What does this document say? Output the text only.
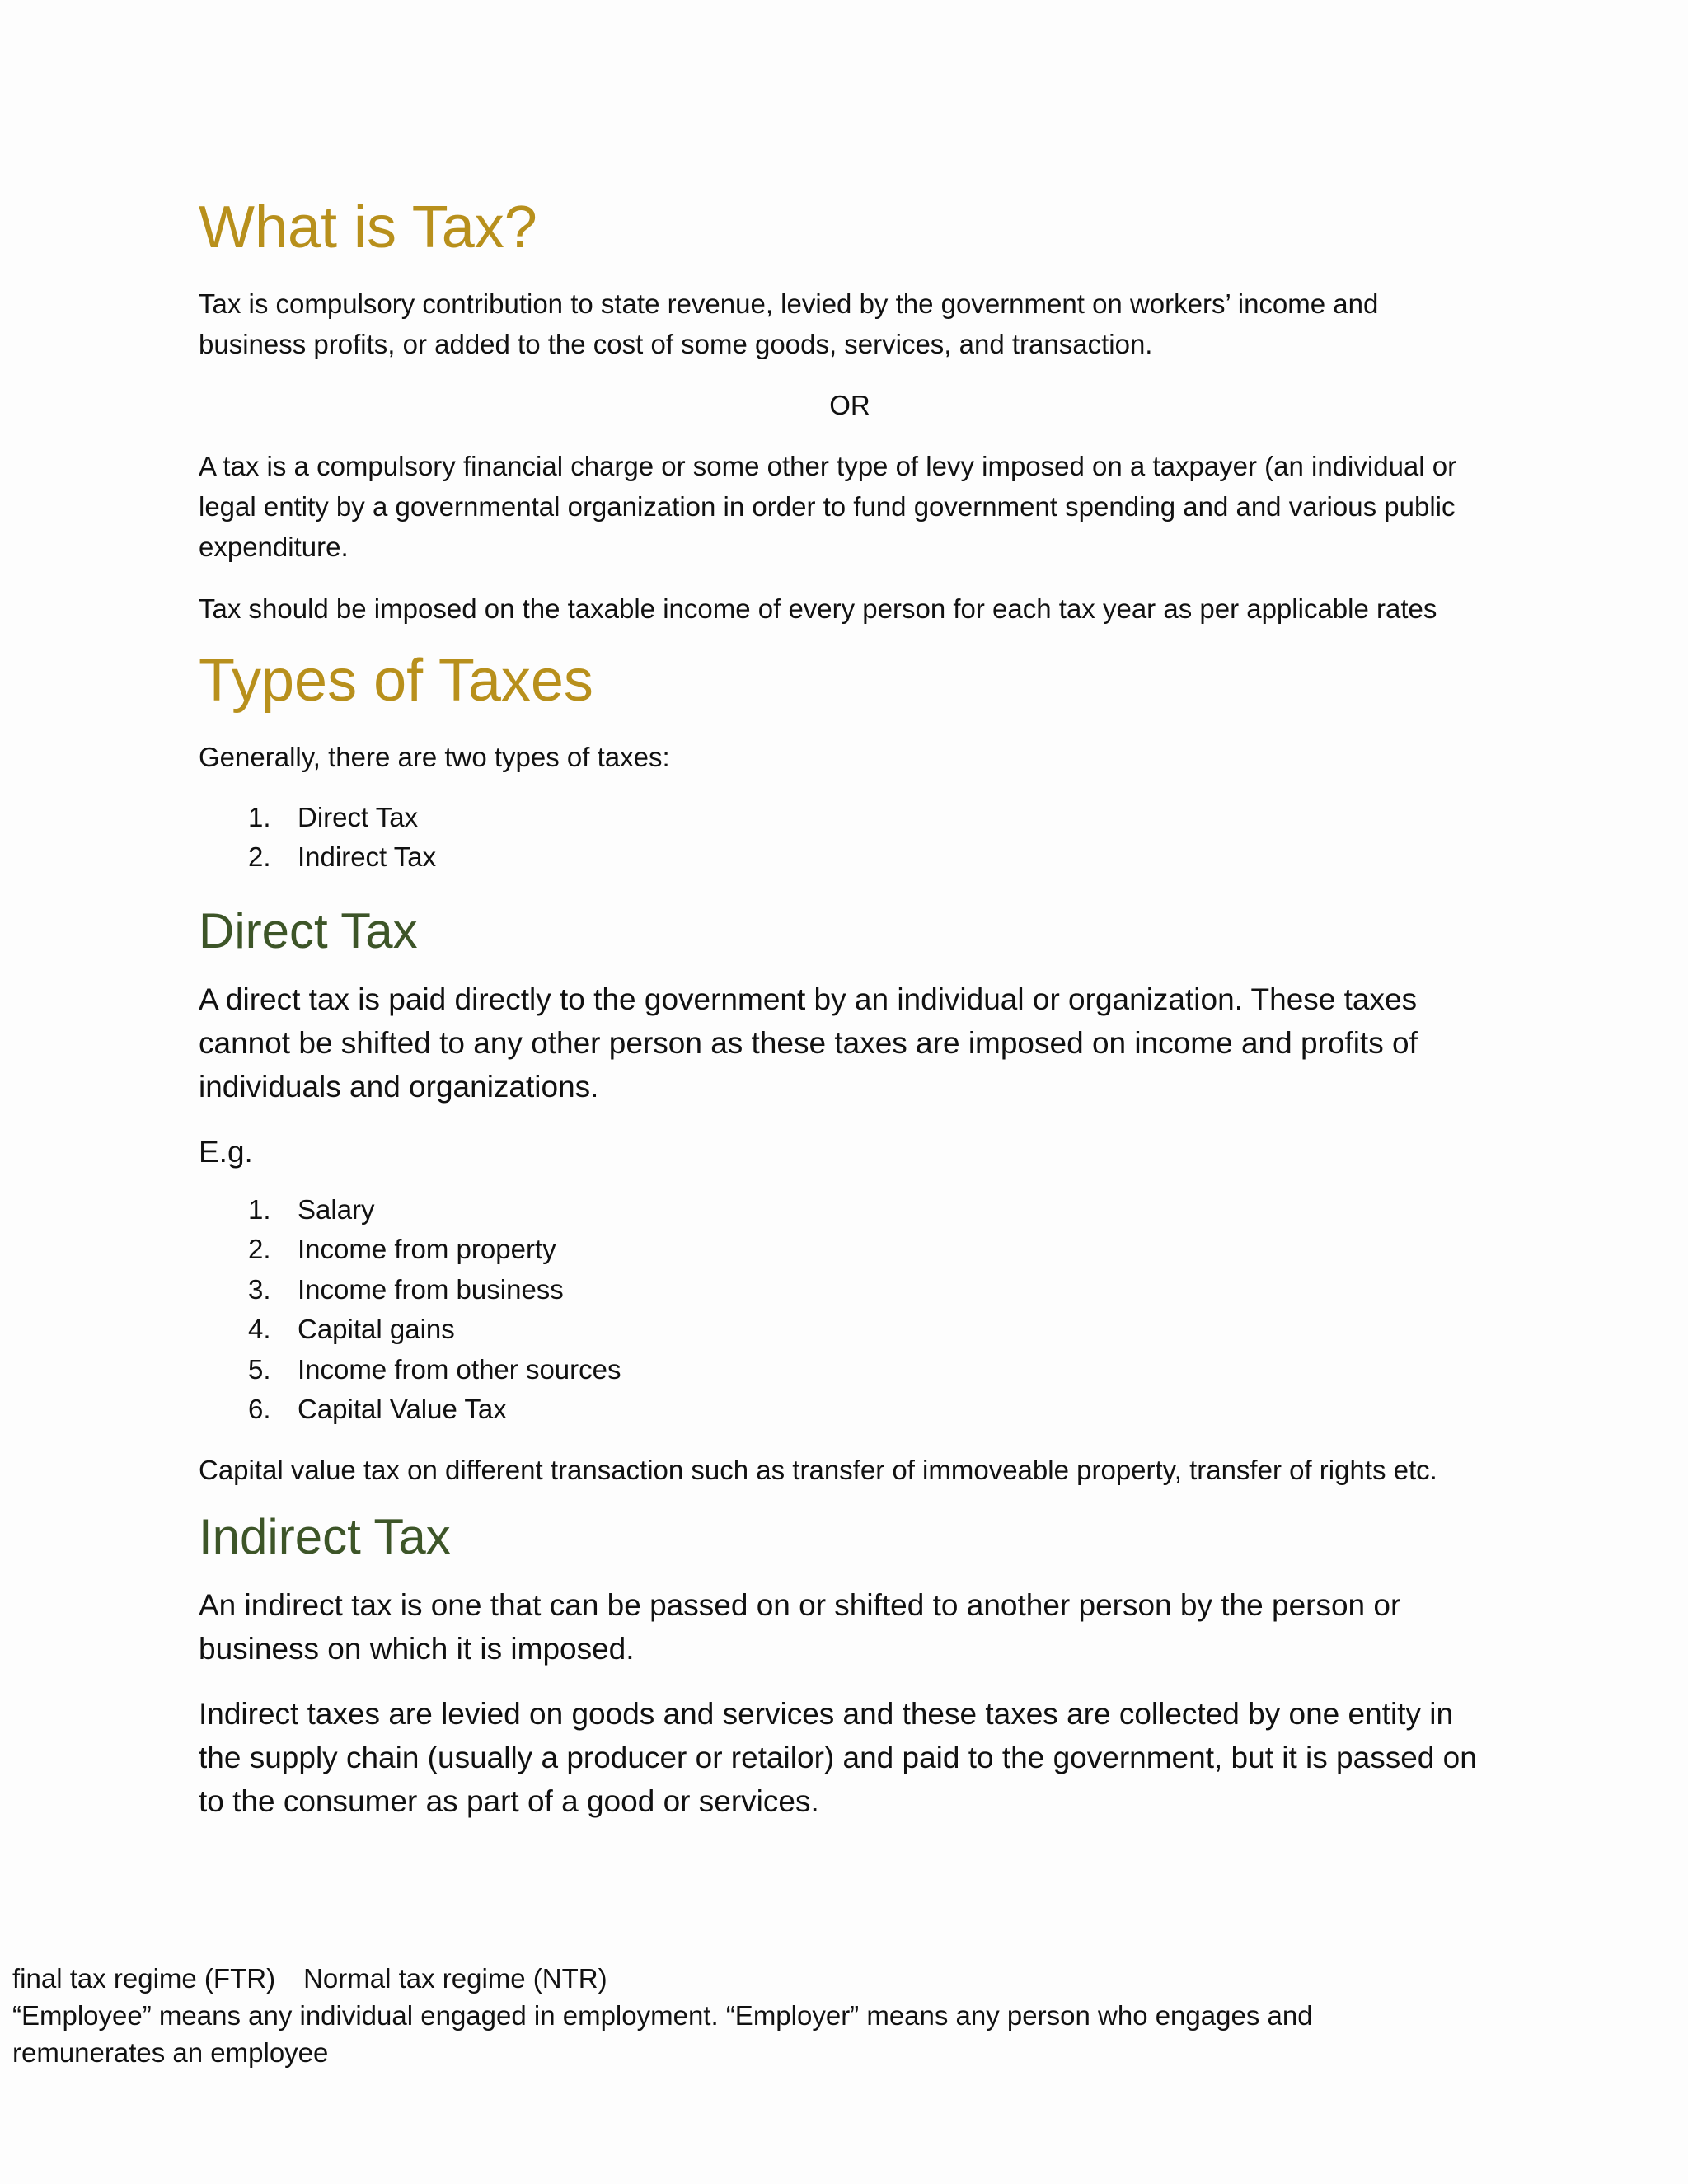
What is Tax?

Tax is compulsory contribution to state revenue, levied by the government on workers’ income and business profits, or added to the cost of some goods, services, and transaction.

OR

A tax is a compulsory financial charge or some other type of levy imposed on a taxpayer (an individual or legal entity by a governmental organization in order to fund government spending and and various public expenditure.

Tax should be imposed on the taxable income of every person for each tax year as per applicable rates

Types of Taxes

Generally, there are two types of taxes:

1. Direct Tax
2. Indirect Tax
Direct Tax

A direct tax is paid directly to the government by an individual or organization. These taxes cannot be shifted to any other person as these taxes are imposed on income and profits of individuals and organizations.

E.g.

1. Salary
2. Income from property
3. Income from business
4. Capital gains
5. Income from other sources
6. Capital Value Tax

Capital value tax on different transaction such as transfer of immoveable property, transfer of rights etc.

Indirect Tax

An indirect tax is one that can be passed on or shifted to another person by the person or business on which it is imposed.

Indirect taxes are levied on goods and services and these taxes are collected by one entity in the supply chain (usually a producer or retailor) and paid to the government, but it is passed on to the consumer as part of a good or services.

final tax regime (FTR) Normal tax regime (NTR)
“Employee” means any individual engaged in employment. “Employer” means any person who engages and remunerates an employee
